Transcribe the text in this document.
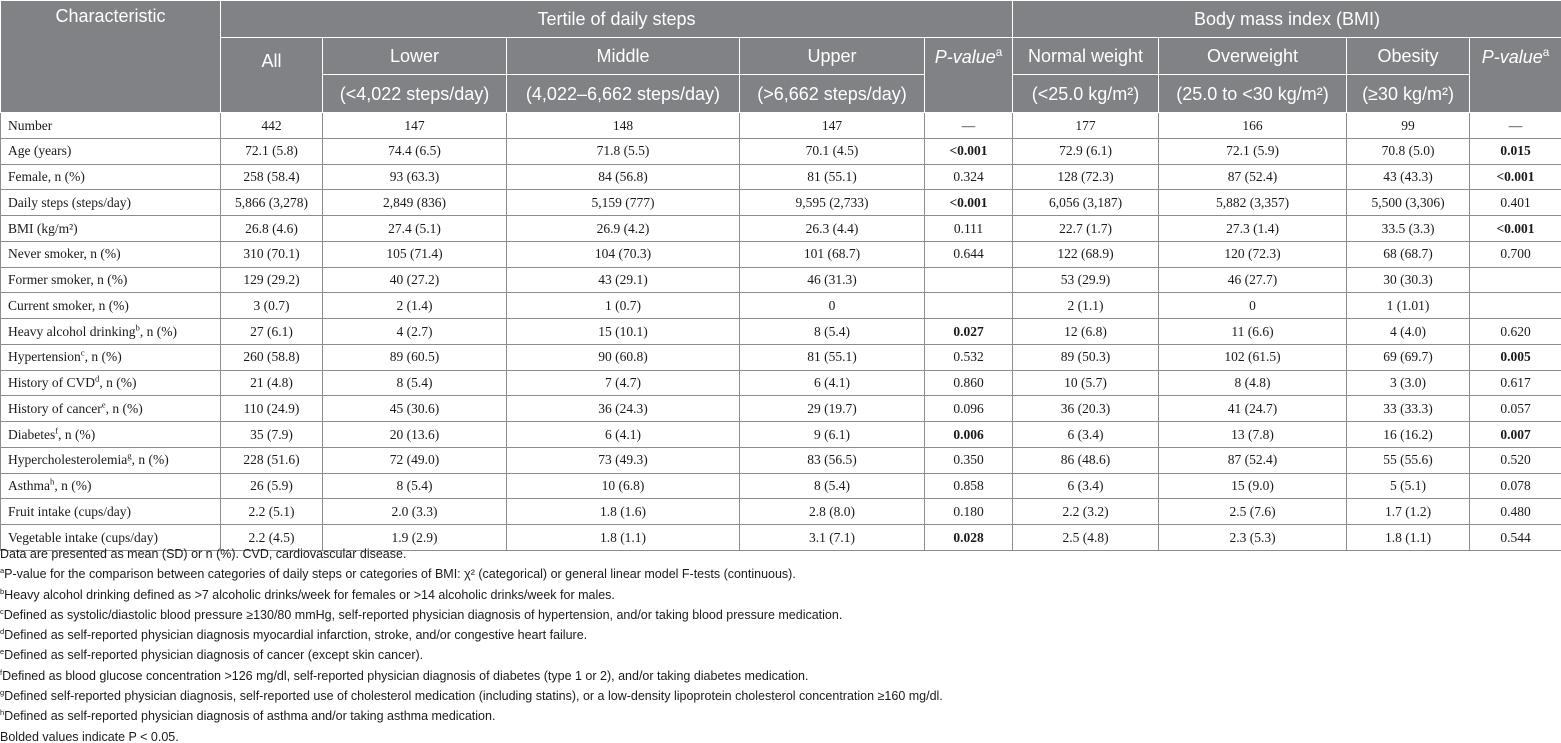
Characteristic	Tertile of daily steps					Body mass index (BMI)			
	All	Lower	Middle	Upper	P-value$^a$	Normal weight	Overweight	Obesity	P-value$^a$
		(<4,022 steps/day)	(4,022–6,662 steps/day)	(>6,662 steps/day)		(<25.0 kg/m²)	(25.0 to <30 kg/m²)	(≥30 kg/m²)	
Number	442	147	148	147	—	177	166	99	—
Age (years)	72.1 (5.8)	74.4 (6.5)	71.8 (5.5)	70.1 (4.5)	<0.001	72.9 (6.1)	72.1 (5.9)	70.8 (5.0)	0.015
Female, n (%)	258 (58.4)	93 (63.3)	84 (56.8)	81 (55.1)	0.324	128 (72.3)	87 (52.4)	43 (43.3)	<0.001
Daily steps (steps/day)	5,866 (3,278)	2,849 (836)	5,159 (777)	9,595 (2,733)	<0.001	6,056 (3,187)	5,882 (3,357)	5,500 (3,306)	0.401
BMI (kg/m²)	26.8 (4.6)	27.4 (5.1)	26.9 (4.2)	26.3 (4.4)	0.111	22.7 (1.7)	27.3 (1.4)	33.5 (3.3)	<0.001
Never smoker, n (%)	310 (70.1)	105 (71.4)	104 (70.3)	101 (68.7)	0.644	122 (68.9)	120 (72.3)	68 (68.7)	0.700
Former smoker, n (%)	129 (29.2)	40 (27.2)	43 (29.1)	46 (31.3)		53 (29.9)	46 (27.7)	30 (30.3)	
Current smoker, n (%)	3 (0.7)	2 (1.4)	1 (0.7)	0		2 (1.1)	0	1 (1.01)	
Heavy alcohol drinking$^b$, n (%)	27 (6.1)	4 (2.7)	15 (10.1)	8 (5.4)	0.027	12 (6.8)	11 (6.6)	4 (4.0)	0.620
Hypertension$^c$, n (%)	260 (58.8)	89 (60.5)	90 (60.8)	81 (55.1)	0.532	89 (50.3)	102 (61.5)	69 (69.7)	0.005
History of CVD$^d$, n (%)	21 (4.8)	8 (5.4)	7 (4.7)	6 (4.1)	0.860	10 (5.7)	8 (4.8)	3 (3.0)	0.617
History of cancer$^e$, n (%)	110 (24.9)	45 (30.6)	36 (24.3)	29 (19.7)	0.096	36 (20.3)	41 (24.7)	33 (33.3)	0.057
Diabetes$^f$, n (%)	35 (7.9)	20 (13.6)	6 (4.1)	9 (6.1)	0.006	6 (3.4)	13 (7.8)	16 (16.2)	0.007
Hypercholesterolemia$^g$, n (%)	228 (51.6)	72 (49.0)	73 (49.3)	83 (56.5)	0.350	86 (48.6)	87 (52.4)	55 (55.6)	0.520
Asthma$^h$, n (%)	26 (5.9)	8 (5.4)	10 (6.8)	8 (5.4)	0.858	6 (3.4)	15 (9.0)	5 (5.1)	0.078
Fruit intake (cups/day)	2.2 (5.1)	2.0 (3.3)	1.8 (1.6)	2.8 (8.0)	0.180	2.2 (3.2)	2.5 (7.6)	1.7 (1.2)	0.480
Vegetable intake (cups/day)	2.2 (4.5)	1.9 (2.9)	1.8 (1.1)	3.1 (7.1)	0.028	2.5 (4.8)	2.3 (5.3)	1.8 (1.1)	0.544
Data are presented as mean (SD) or n (%). CVD, cardiovascular disease.
$^a$P-value for the comparison between categories of daily steps or categories of BMI: χ² (categorical) or general linear model F-tests (continuous).
$^b$Heavy alcohol drinking defined as >7 alcoholic drinks/week for females or >14 alcoholic drinks/week for males.
$^c$Defined as systolic/diastolic blood pressure ≥130/80 mmHg, self-reported physician diagnosis of hypertension, and/or taking blood pressure medication.
$^d$Defined as self-reported physician diagnosis myocardial infarction, stroke, and/or congestive heart failure.
$^e$Defined as self-reported physician diagnosis of cancer (except skin cancer).
$^f$Defined as blood glucose concentration >126 mg/dl, self-reported physician diagnosis of diabetes (type 1 or 2), and/or taking diabetes medication.
$^g$Defined self-reported physician diagnosis, self-reported use of cholesterol medication (including statins), or a low-density lipoprotein cholesterol concentration ≥160 mg/dl.
$^h$Defined as self-reported physician diagnosis of asthma and/or taking asthma medication.
Bolded values indicate P < 0.05.
